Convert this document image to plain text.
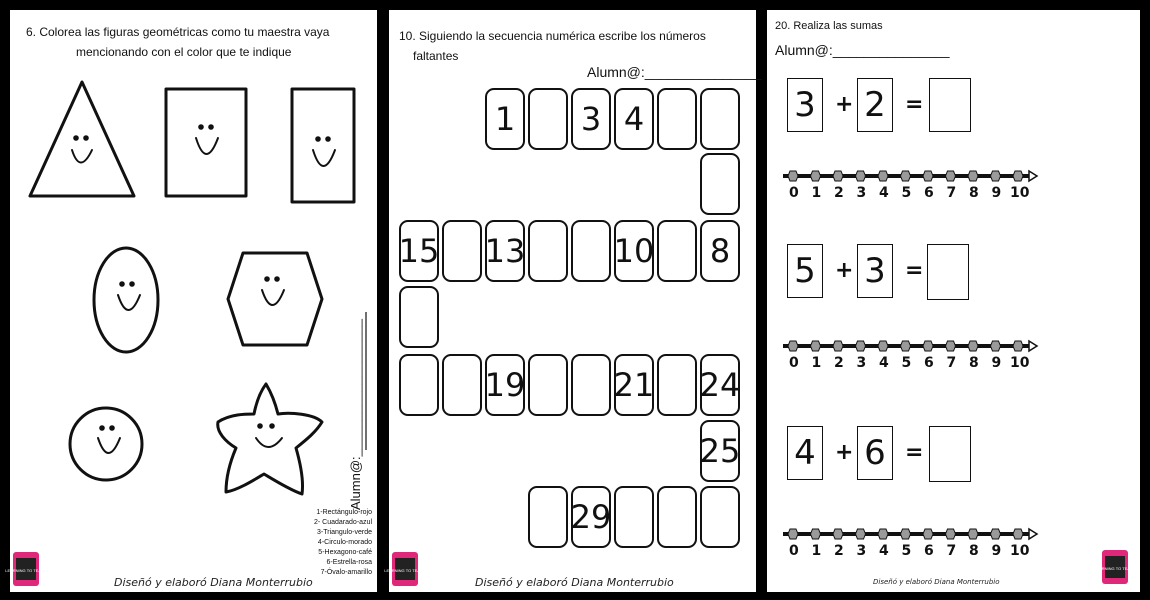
6. Colorea las figuras geométricas como tu maestra vaya
mencionando con el color que te indique
Alumn@:___________________
1-Rectángulo-rojo
2- Cuadarado-azul
3-Triangulo-verde
4-Circulo-morado
5-Hexagono-café
6-Estrella-rosa
7-Óvalo-amarillo
LEARNING TO TEACH
Diseñó y elaboró Diana Monterrubio
10. Siguiendo la secuencia numérica escribe los números
faltantes
Alumn@:_______________
1	3 4
15 13	10	8
19	21 24
25
29
LEARNING TO TEACH
Diseñó y elaboró Diana Monterrubio
20. Realiza las sumas
Alumn@:_______________
3 + 2 =
5 + 3 =
4 + 6 =
0 1 2 3 4 5 6 7 8 9 10
0 1 2 3 4 5 6 7 8 9 10
0 1 2 3 4 5 6 7 8 9 10
LEARNING TO TEACH
Diseñó y elaboró Diana Monterrubio
